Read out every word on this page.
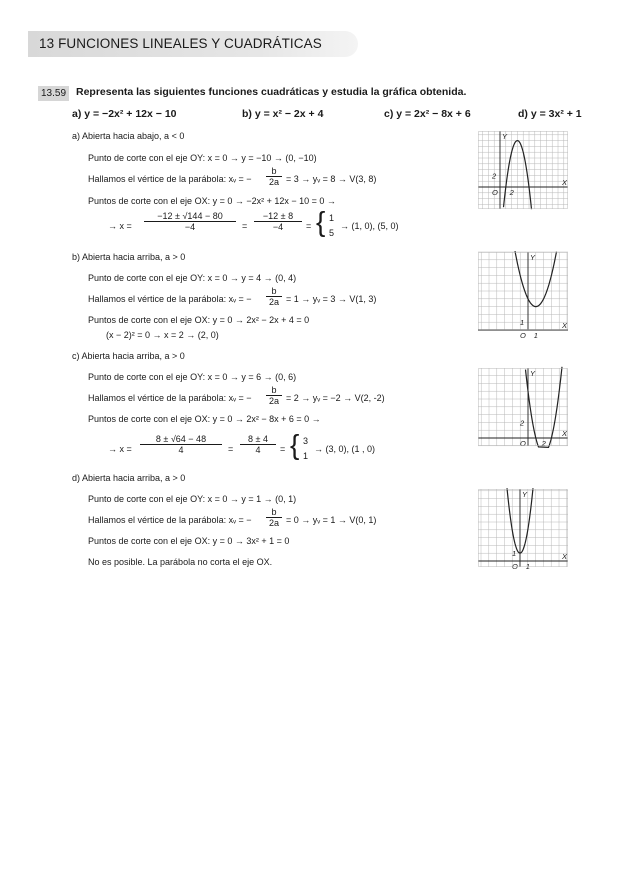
13 FUNCIONES LINEALES Y CUADRÁTICAS
13.59 Representa las siguientes funciones cuadráticas y estudia la gráfica obtenida.
a) y = −2x² + 12x − 10	b) y = x² − 2x + 4	c) y = 2x² − 8x + 6	d) y = 3x² + 1
a) Abierta hacia abajo, a < 0
Punto de corte con el eje OY: x = 0 → y = −10 → (0, −10)
Hallamos el vértice de la parábola: xᵥ = − $\frac{b}{2a} = 3$ → yᵥ = 8 → V(3, 8)
Puntos de corte con el eje OX: y = 0 → −2x² + 12x − 10 = 0 →
→ $x = \frac{-12 \pm √144 - 80}{-4} = \frac{-12 \pm 8}{-4}$ = { 1
5
→ (1, 0), (5, 0)
b) Abierta hacia arriba, a > 0
Punto de corte con el eje OY: x = 0 → y = 4 → (0, 4)
Hallamos el vértice de la parábola: xᵥ = − $\frac{b}{2a} = 1$ → yᵥ = 3 → V(1, 3)
Puntos de corte con el eje OX: y = 0 → 2x² − 2x + 4 = 0
(x − 2)² = 0 → x = 2 → (2, 0)
c) Abierta hacia arriba, a > 0
Punto de corte con el eje OY: x = 0 → y = 6 → (0, 6)
Hallamos el vértice de la parábola: xᵥ = − $\frac{b}{2a} = 2$ → yᵥ = −2 → V(2, -2)
Puntos de corte con el eje OX: y = 0 → 2x² − 8x + 6 = 0 →
→ $x = \frac{8 \pm √64 - 48}{4} = \frac{8 \pm 4}{4}$ = { 3
1
→ (3, 0), (1 , 0)
d) Abierta hacia arriba, a > 0
Punto de corte con el eje OY: x = 0 → y = 1 → (0, 1)
Hallamos el vértice de la parábola: xᵥ = − $\frac{b}{2a} = 0$ → yᵥ = 1 → V(0, 1)
Puntos de corte con el eje OX: y = 0 → 3x² + 1 = 0
No es posible. La parábola no corta el eje OX.
Y
X
O 2
2
Y
X
O 1
1
Y
X
O 2
2
Y
X
O 1
1
